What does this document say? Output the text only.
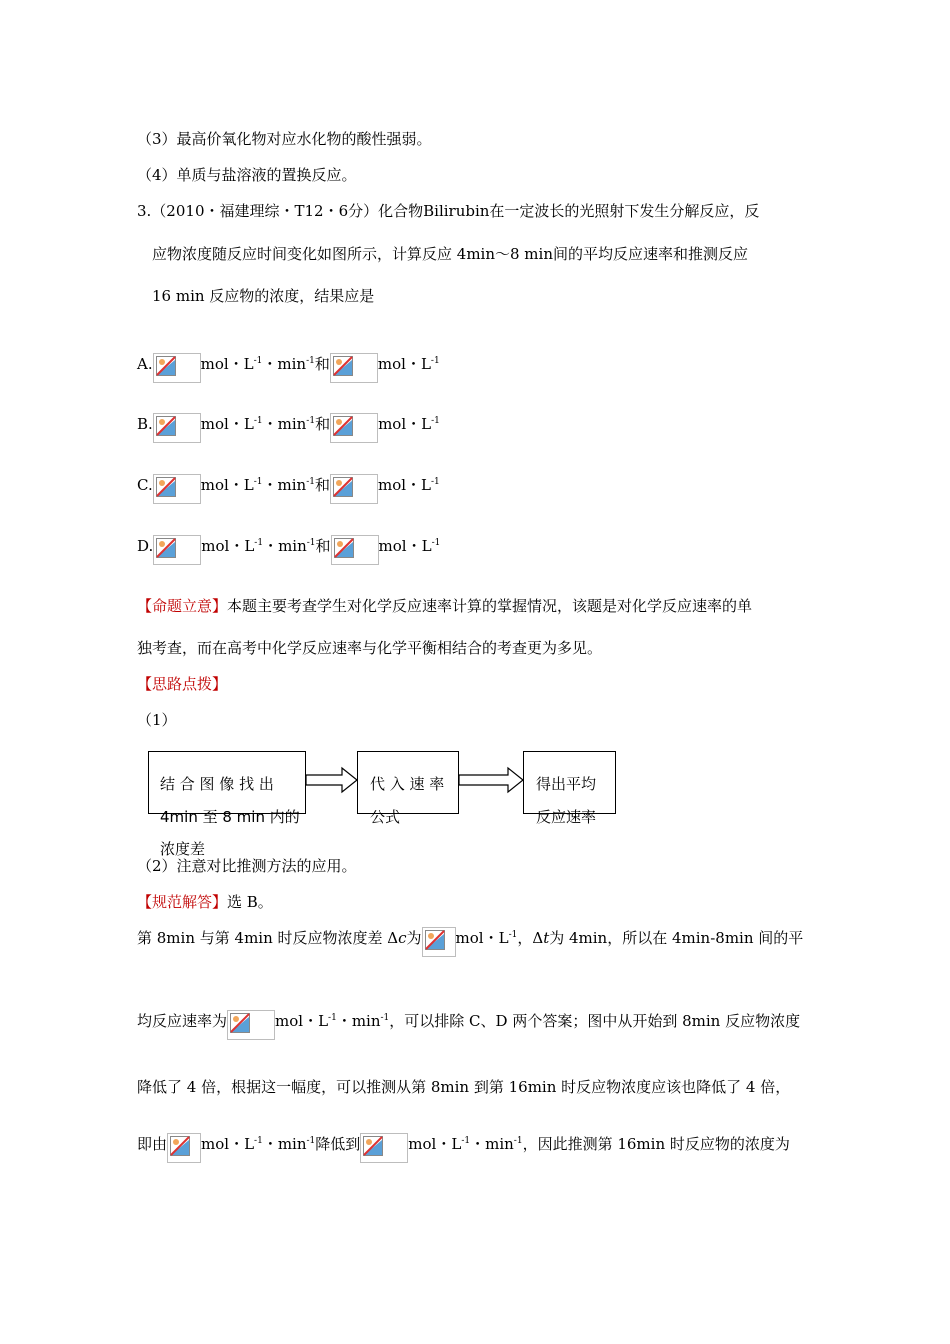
（3）最高价氧化物对应水化物的酸性强弱。
（4）单质与盐溶液的置换反应。
3.（2010・福建理综・T12・6分）化合物Bilirubin在一定波长的光照射下发生分解反应，反
应物浓度随反应时间变化如图所示，计算反应 4min～8 min间的平均反应速率和推测反应
16 min 反应物的浓度，结果应是
A.	mol・$L^{-1}$・$\min^{-1}$和	mol・$L^{-1}$
B.	mol・$L^{-1}$・$\min^{-1}$和	mol・$L^{-1}$
C.	mol・$L^{-1}$・$\min^{-1}$和	mol・$L^{-1}$
D.	mol・$L^{-1}$・$\min^{-1}$和	mol・$L^{-1}$
【命题立意】本题主要考查学生对化学反应速率计算的掌握情况，该题是对化学反应速率的单
独考查，而在高考中化学反应速率与化学平衡相结合的考查更为多见。
【思路点拨】
（1）
结 合 图 像 找 出
4min 至 8 min 内的
浓度差
代 入 速 率
公式
得出平均
反应速率
（2）注意对比推测方法的应用。
【规范解答】选 B。
第 8min 与第 4min 时反应物浓度差 Δc为 mol・$L^{-1}$，Δt为 4min，所以在 4min-8min 间的平
均反应速率为	mol・$L^{-1}$・$\min^{-1}$，可以排除 C、D 两个答案；图中从开始到 8min 反应物浓度
降低了 4 倍，根据这一幅度，可以推测从第 8min 到第 16min 时反应物浓度应该也降低了 4 倍，
即由 mol・$L^{-1}$・$\min^{-1}$降低到	mol・$L^{-1}$・$\min^{-1}$，因此推测第 16min 时反应物的浓度为
